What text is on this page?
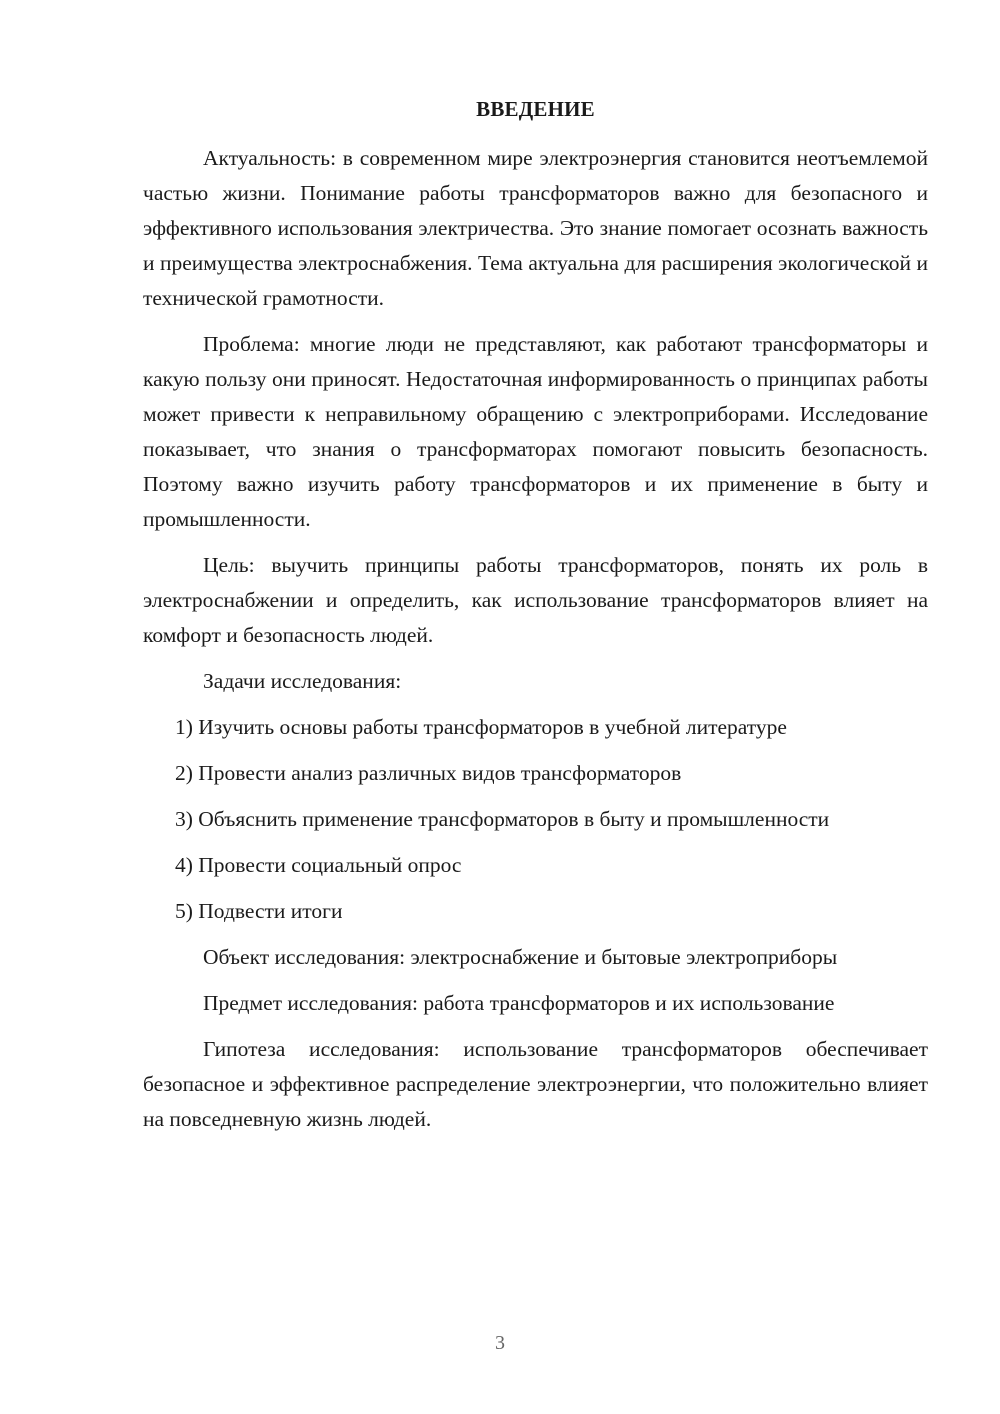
ВВЕДЕНИЕ

Актуальность: в современном мире электроэнергия становится неотъемлемой частью жизни. Понимание работы трансформаторов важно для безопасного и эффективного использования электричества. Это знание помогает осознать важность и преимущества электроснабжения. Тема актуальна для расширения экологической и технической грамотности.

Проблема: многие люди не представляют, как работают трансформаторы и какую пользу они приносят. Недостаточная информированность о принципах работы может привести к неправильному обращению с электроприборами. Исследование показывает, что знания о трансформаторах помогают повысить безопасность. Поэтому важно изучить работу трансформаторов и их применение в быту и промышленности.

Цель: выучить принципы работы трансформаторов, понять их роль в электроснабжении и определить, как использование трансформаторов влияет на комфорт и безопасность людей.

Задачи исследования:

1) Изучить основы работы трансформаторов в учебной литературе

2) Провести анализ различных видов трансформаторов

3) Объяснить применение трансформаторов в быту и промышленности

4) Провести социальный опрос

5) Подвести итоги

Объект исследования: электроснабжение и бытовые электроприборы

Предмет исследования: работа трансформаторов и их использование

Гипотеза исследования: использование трансформаторов обеспечивает безопасное и эффективное распределение электроэнергии, что положительно влияет на повседневную жизнь людей.

3
